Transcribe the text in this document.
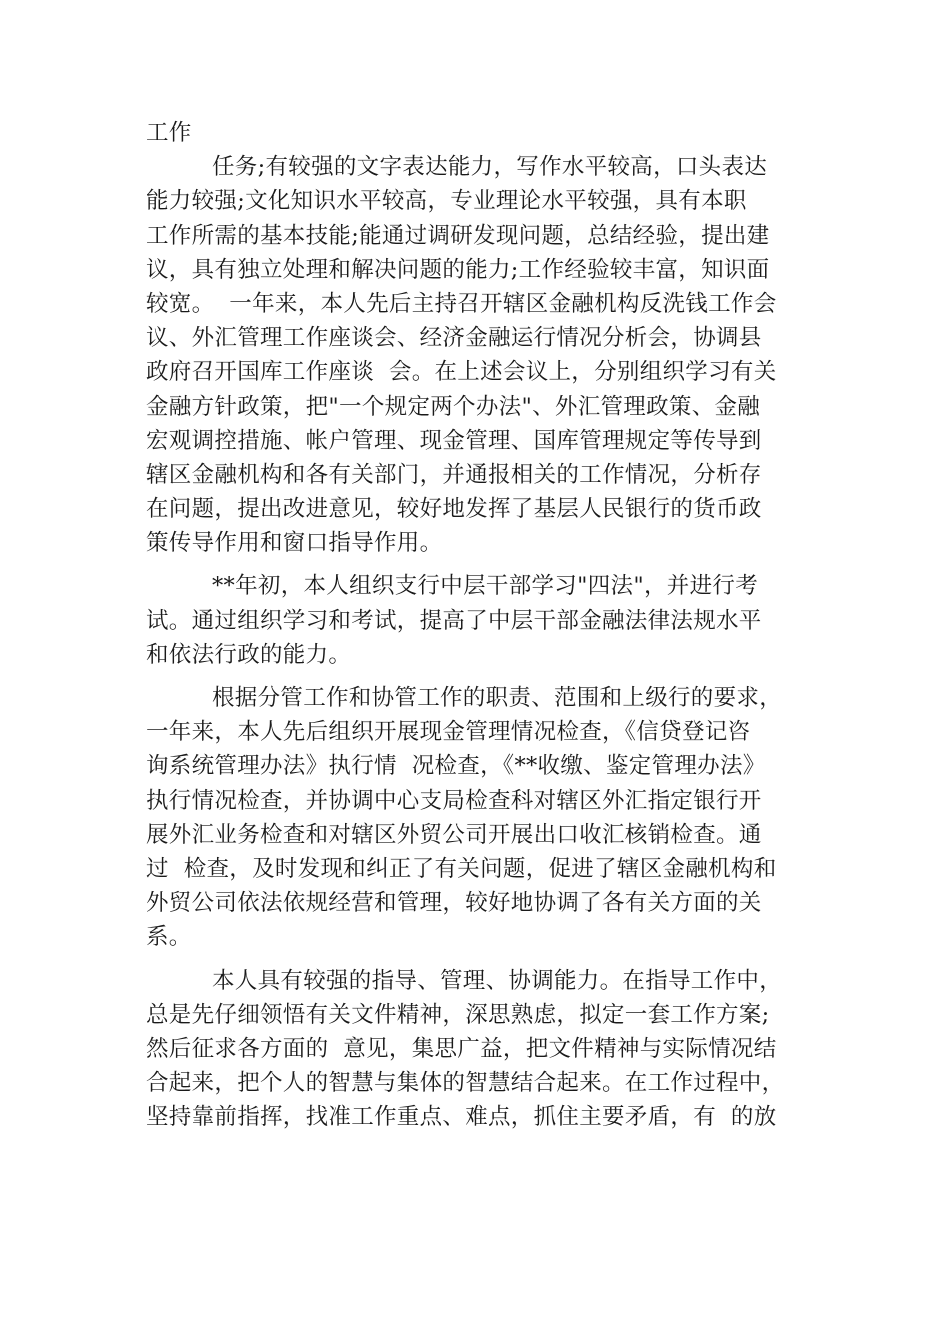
工作
任务;有较强的文字表达能力，写作水平较高，口头表达
能力较强;文化知识水平较高，专业理论水平较强，具有本职
工作所需的基本技能;能通过调研发现问题，总结经验，提出建
议，具有独立处理和解决问题的能力;工作经验较丰富，知识面
较宽。  一年来，本人先后主持召开辖区金融机构反洗钱工作会
议、外汇管理工作座谈会、经济金融运行情况分析会，协调县
政府召开国库工作座谈  会。在上述会议上，分别组织学习有关
金融方针政策，把"一个规定两个办法"、外汇管理政策、金融
宏观调控措施、帐户管理、现金管理、国库管理规定等传导到
辖区金融机构和各有关部门，并通报相关的工作情况，分析存
在问题，提出改进意见，较好地发挥了基层人民银行的货币政
策传导作用和窗口指导作用。
**年初，本人组织支行中层干部学习"四法"，并进行考
试。通过组织学习和考试，提高了中层干部金融法律法规水平
和依法行政的能力。
根据分管工作和协管工作的职责、范围和上级行的要求，
一年来，本人先后组织开展现金管理情况检查，《信贷登记咨
询系统管理办法》执行情  况检查，《**收缴、鉴定管理办法》
执行情况检查，并协调中心支局检查科对辖区外汇指定银行开
展外汇业务检查和对辖区外贸公司开展出口收汇核销检查。通
过  检查，及时发现和纠正了有关问题，促进了辖区金融机构和
外贸公司依法依规经营和管理，较好地协调了各有关方面的关
系。
本人具有较强的指导、管理、协调能力。在指导工作中，
总是先仔细领悟有关文件精神，深思熟虑，拟定一套工作方案;
然后征求各方面的  意见，集思广益，把文件精神与实际情况结
合起来，把个人的智慧与集体的智慧结合起来。在工作过程中，
坚持靠前指挥，找准工作重点、难点，抓住主要矛盾，有  的放
